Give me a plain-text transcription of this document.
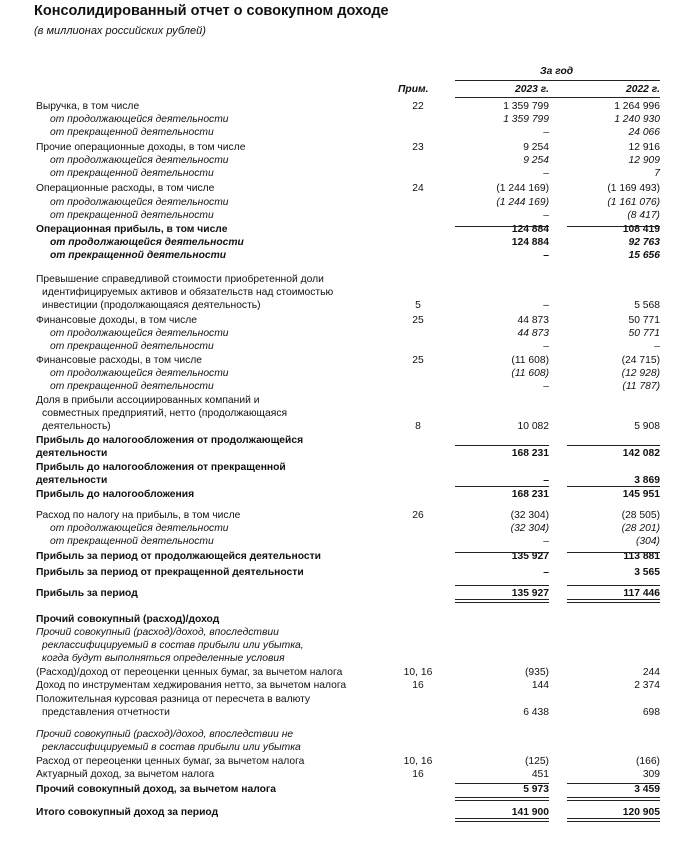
Консолидированный отчет о совокупном доходе
(в миллионах российских рублей)
За год
Прим.	2023 г.	2022 г.
Выручка, в том числе	22	1 359 799	1 264 996
от продолжающейся деятельности	1 359 799	1 240 930
от прекращенной деятельности	–	24 066
Прочие операционные доходы, в том числе	23	9 254	12 916
от продолжающейся деятельности	9 254	12 909
от прекращенной деятельности	–	7
Операционные расходы, в том числе	24	(1 244 169)	(1 169 493)
от продолжающейся деятельности	(1 244 169)	(1 161 076)
от прекращенной деятельности	–	(8 417)
Операционная прибыль, в том числе	124 884	108 419
от продолжающейся деятельности	124 884	92 763
от прекращенной деятельности	–	15 656
Превышение справедливой стоимости приобретенной доли
идентифицируемых активов и обязательств над стоимостью
инвестиции (продолжающаяся деятельность)	5	–	5 568
Финансовые доходы, в том числе	25	44 873	50 771
от продолжающейся деятельности	44 873	50 771
от прекращенной деятельности	–	–
Финансовые расходы, в том числе	25	(11 608)	(24 715)
от продолжающейся деятельности	(11 608)	(12 928)
от прекращенной деятельности	–	(11 787)
Доля в прибыли ассоциированных компаний и
совместных предприятий, нетто (продолжающаяся
деятельность)	8	10 082	5 908
Прибыль до налогообложения от продолжающейся
деятельности	168 231	142 082
Прибыль до налогообложения от прекращенной
деятельности	–	3 869
Прибыль до налогообложения	168 231	145 951
Расход по налогу на прибыль, в том числе	26	(32 304)	(28 505)
от продолжающейся деятельности	(32 304)	(28 201)
от прекращенной деятельности	–	(304)
Прибыль за период от продолжающейся деятельности	135 927	113 881
Прибыль за период от прекращенной деятельности	–	3 565
Прибыль за период	135 927	117 446
Прочий совокупный (расход)/доход
Прочий совокупный (расход)/доход, впоследствии
реклассифицируемый в состав прибыли или убытка,
когда будут выполняться определенные условия
(Расход)/доход от переоценки ценных бумаг, за вычетом налога	10, 16	(935)	244
Доход по инструментам хеджирования нетто, за вычетом налога	16	144	2 374
Положительная курсовая разница от пересчета в валюту
представления отчетности	6 438	698
Прочий совокупный (расход)/доход, впоследствии не
реклассифицируемый в состав прибыли или убытка
Расход от переоценки ценных бумаг, за вычетом налога	10, 16	(125)	(166)
Актуарный доход, за вычетом налога	16	451	309
Прочий совокупный доход, за вычетом налога	5 973	3 459
Итого совокупный доход за период	141 900	120 905
